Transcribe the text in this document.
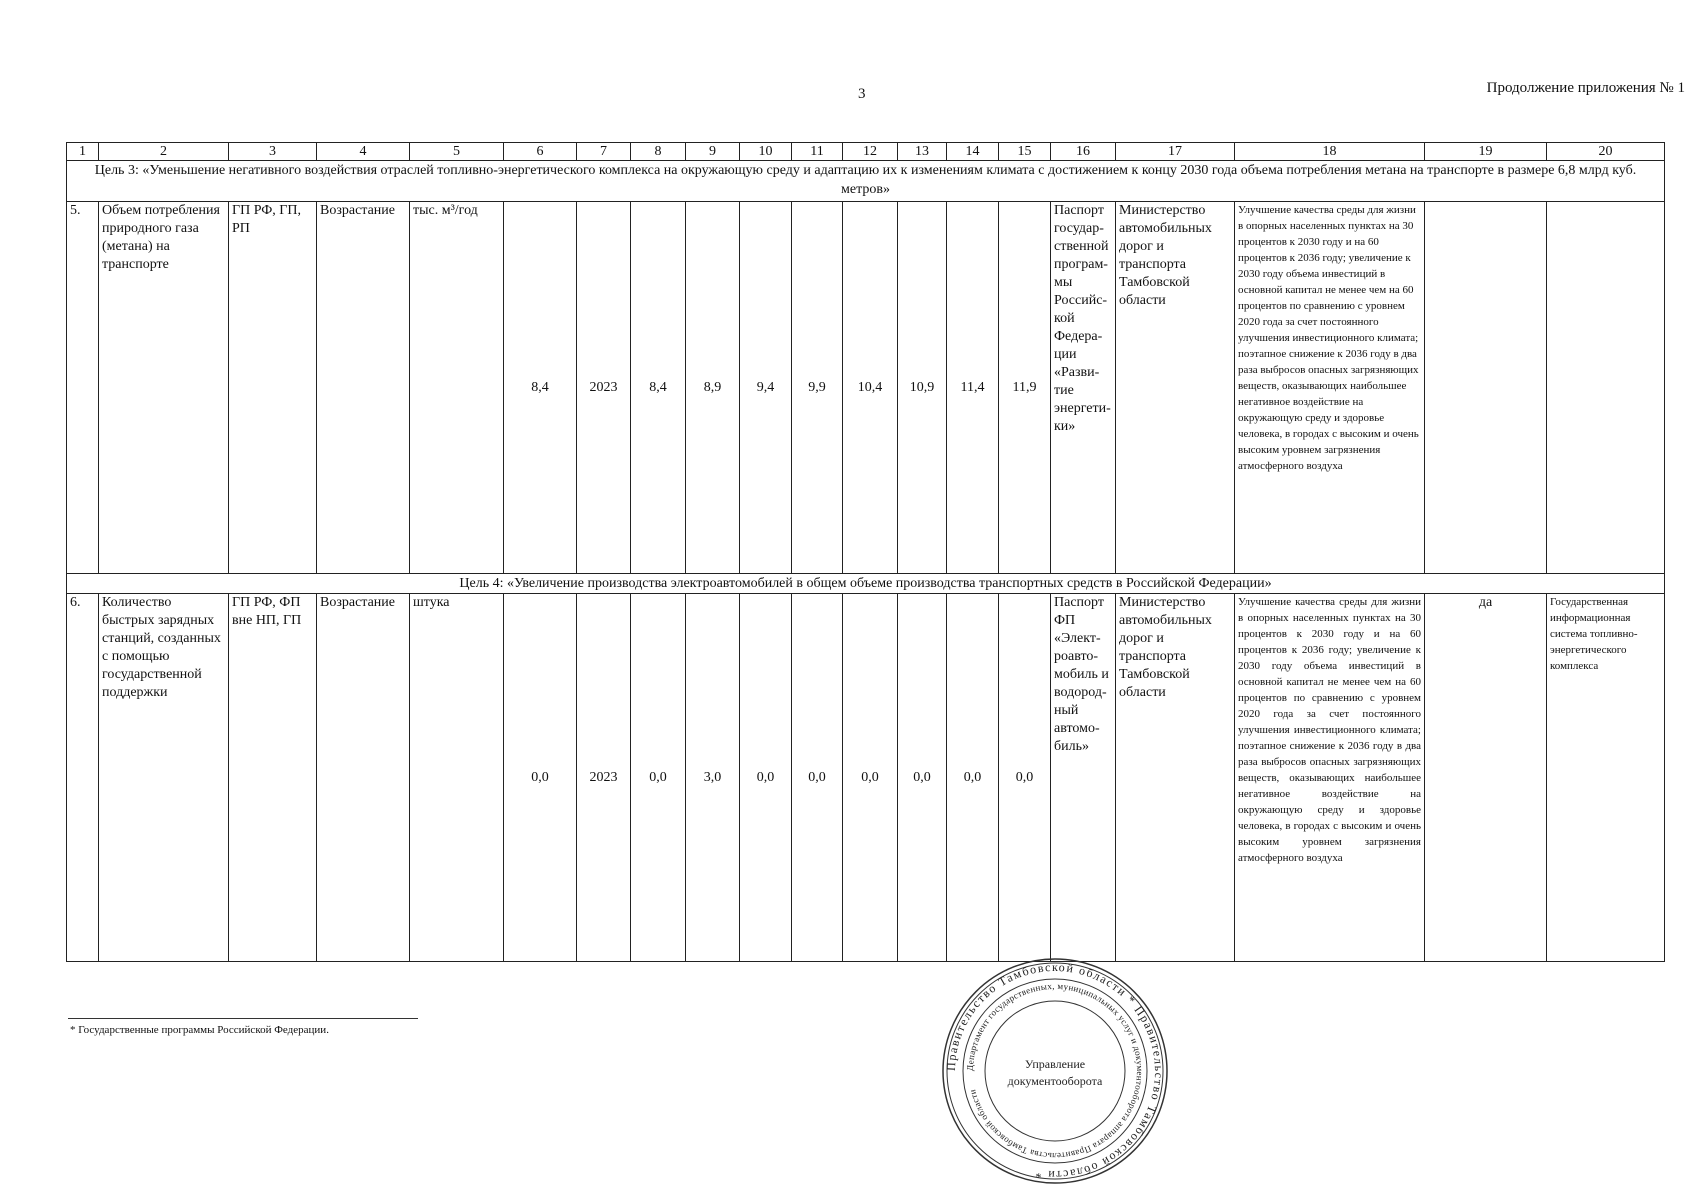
3	Продолжение приложения № 1
1	2	3	4	5	6	7	8	9	10	11	12	13	14	15	16	17	18	19	20
Цель 3: «Уменьшение негативного воздействия отраслей топливно-энергетического комплекса на окружающую среду и адаптацию их к изменениям климата с достижением к концу 2030 года объема потребления метана на транспорте в размере 6,8 млрд куб. метров»																			
5.	Объем потребления природного газа (метана) на транспорте	ГП РФ, ГП, РП	Возрастание	тыс. м³/год	8,4	2023	8,4	8,9	9,4	9,9	10,4	10,9	11,4	11,9	Паспорт государ-ственной програм-мы Российс-кой Федера-ции «Разви-тие энергети-ки»	Министерство автомобильных дорог и транспорта Тамбовской области	Улучшение качества среды для жизни в опорных населенных пунктах на 30 процентов к 2030 году и на 60 процентов к 2036 году; увеличение к 2030 году объема инвестиций в основной капитал не менее чем на 60 процентов по сравнению с уровнем 2020 года за счет постоянного улучшения инвестиционного климата; поэтапное снижение к 2036 году в два раза выбросов опасных загрязняющих веществ, оказывающих наибольшее негативное воздействие на окружающую среду и здоровье человека, в городах с высоким и очень высоким уровнем загрязнения атмосферного воздуха		
Цель 4: «Увеличение производства электроавтомобилей в общем объеме производства транспортных средств в Российской Федерации»																			
6.	Количество быстрых зарядных станций, созданных с помощью государственной поддержки	ГП РФ, ФП вне НП, ГП	Возрастание	штука	0,0	2023	0,0	3,0	0,0	0,0	0,0	0,0	0,0	0,0	Паспорт ФП «Элект-роавто-мобиль и водород-ный автомо-биль»	Министерство автомобильных дорог и транспорта Тамбовской области	Улучшение качества среды для жизни в опорных населенных пунктах на 30 процентов к 2030 году и на 60 процентов к 2036 году; увеличение к 2030 году объема инвестиций в основной капитал не менее чем на 60 процентов по сравнению с уровнем 2020 года за счет постоянного улучшения инвестиционного климата; поэтапное снижение к 2036 году в два раза выбросов опасных загрязняющих веществ, оказывающих наибольшее негативное воздействие на окружающую среду и здоровье человека, в городах с высоким и очень высоким уровнем загрязнения атмосферного воздуха	да	Государственная информационная система топливно-энергетического комплекса
* Государственные программы Российской Федерации.
Правительство Тамбовской области * Правительство Тамбовской области *
Департамент государственных, муниципальных услуг и документооборота аппарата Правительства Тамбовской области
Управление
документооборота
